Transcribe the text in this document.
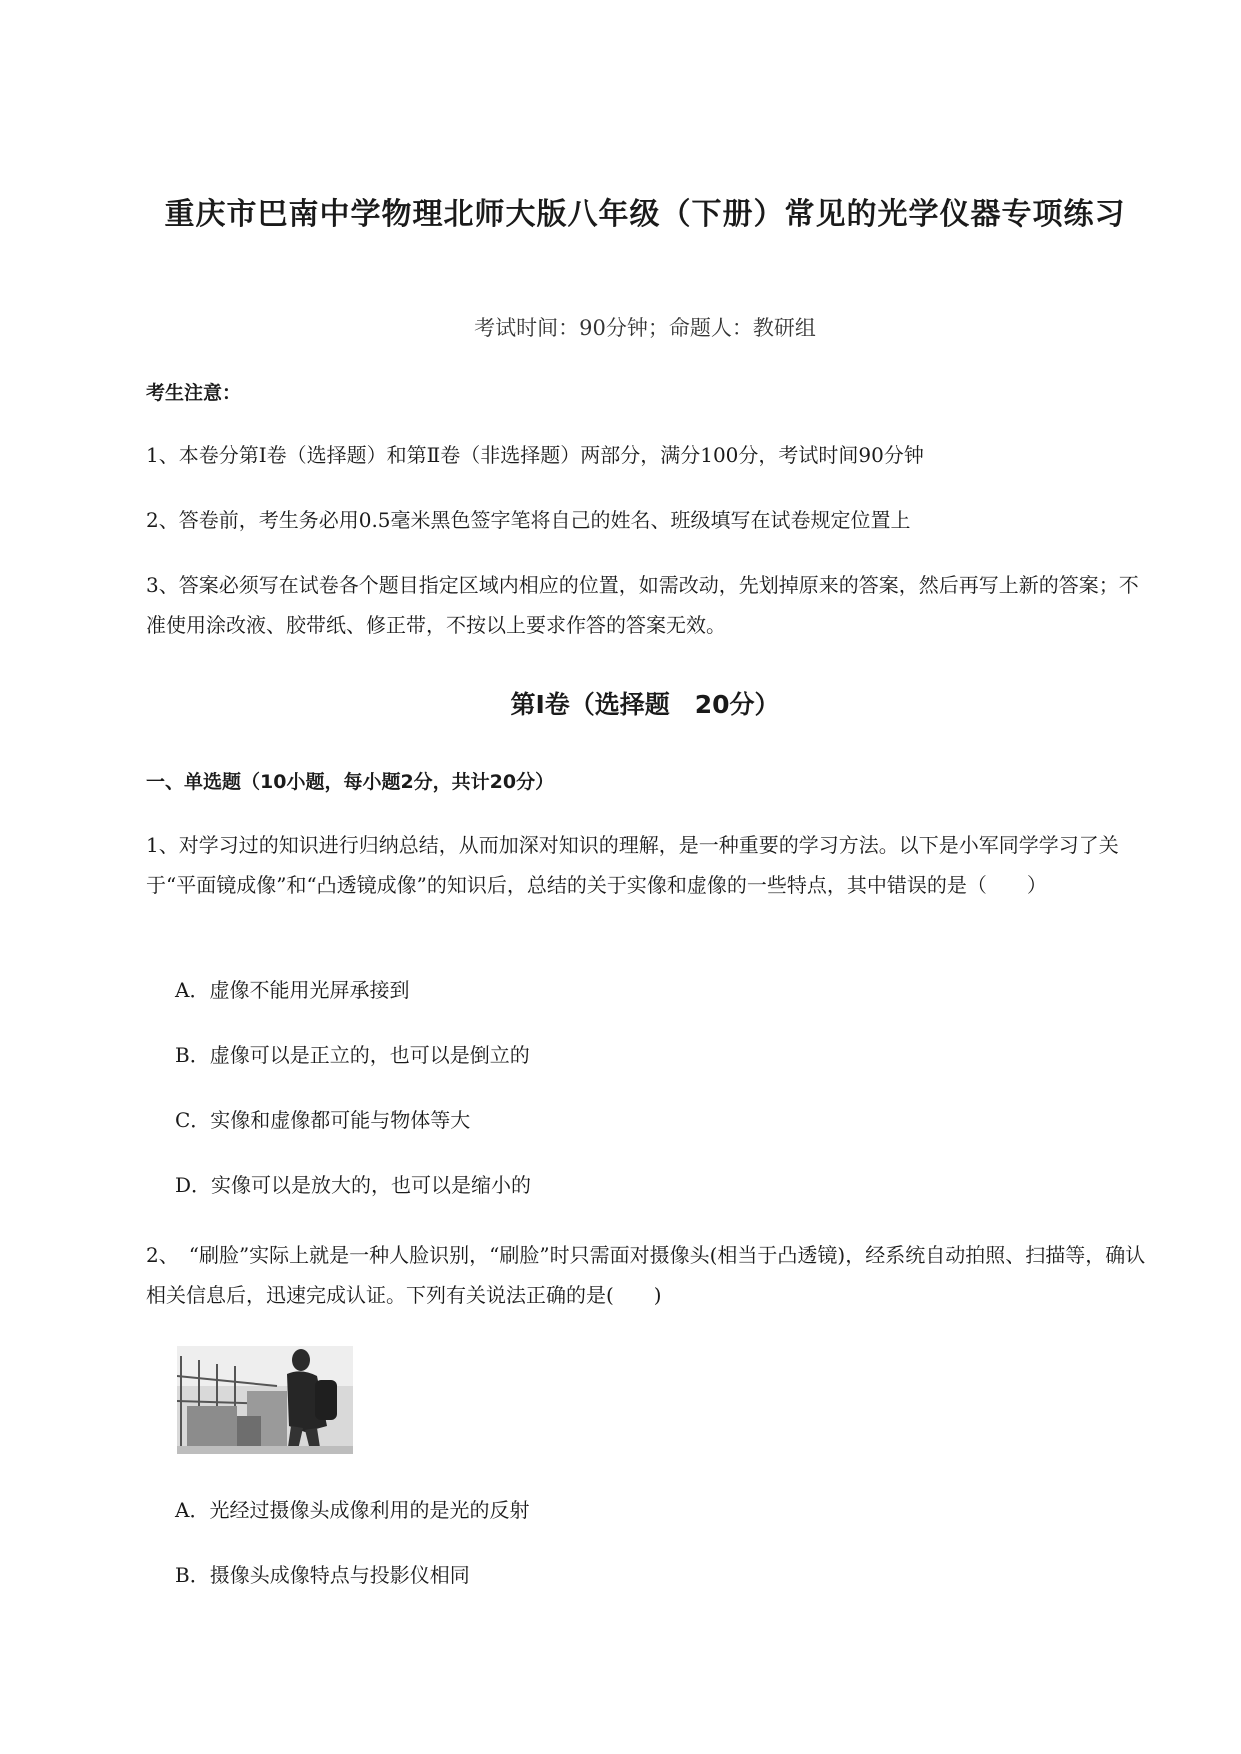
重庆市巴南中学物理北师大版八年级（下册）常见的光学仪器专项练习
考试时间：90分钟；命题人：教研组
考生注意：
1、本卷分第Ⅰ卷（选择题）和第Ⅱ卷（非选择题）两部分，满分100分，考试时间90分钟
2、答卷前，考生务必用0.5毫米黑色签字笔将自己的姓名、班级填写在试卷规定位置上
3、答案必须写在试卷各个题目指定区域内相应的位置，如需改动，先划掉原来的答案，然后再写上新的答案；不准使用涂改液、胶带纸、修正带，不按以上要求作答的答案无效。
第Ⅰ卷（选择题　20分）
一、单选题（10小题，每小题2分，共计20分）
1、对学习过的知识进行归纳总结，从而加深对知识的理解，是一种重要的学习方法。以下是小军同学学习了关于“平面镜成像”和“凸透镜成像”的知识后，总结的关于实像和虚像的一些特点，其中错误的是（　　）
A．虚像不能用光屏承接到
B．虚像可以是正立的，也可以是倒立的
C．实像和虚像都可能与物体等大
D．实像可以是放大的，也可以是缩小的
2、　“刷脸”实际上就是一种人脸识别，“刷脸”时只需面对摄像头(相当于凸透镜)，经系统自动拍照、扫描等，确认相关信息后，迅速完成认证。下列有关说法正确的是(　　)
A．光经过摄像头成像利用的是光的反射
B．摄像头成像特点与投影仪相同
